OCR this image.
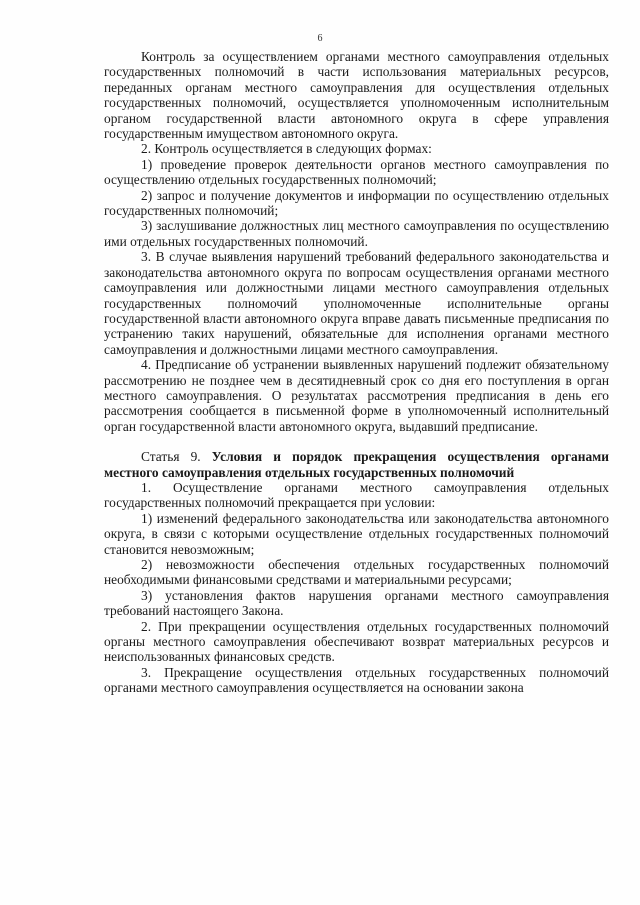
6

Контроль за осуществлением органами местного самоуправления отдельных государственных полномочий в части использования материальных ресурсов, переданных органам местного самоуправления для осуществления отдельных государственных полномочий, осуществляется уполномоченным исполнительным органом государственной власти автономного округа в сфере управления государственным имуществом автономного округа.

2. Контроль осуществляется в следующих формах:

1) проведение проверок деятельности органов местного самоуправления по осуществлению отдельных государственных полномочий;

2) запрос и получение документов и информации по осуществлению отдельных государственных полномочий;

3) заслушивание должностных лиц местного самоуправления по осуществлению ими отдельных государственных полномочий.

3. В случае выявления нарушений требований федерального законодательства и законодательства автономного округа по вопросам осуществления органами местного самоуправления или должностными лицами местного самоуправления отдельных государственных полномочий уполномоченные исполнительные органы государственной власти автономного округа вправе давать письменные предписания по устранению таких нарушений, обязательные для исполнения органами местного самоуправления и должностными лицами местного самоуправления.

4. Предписание об устранении выявленных нарушений подлежит обязательному рассмотрению не позднее чем в десятидневный срок со дня его поступления в орган местного самоуправления. О результатах рассмотрения предписания в день его рассмотрения сообщается в письменной форме в уполномоченный исполнительный орган государственной власти автономного округа, выдавший предписание.

Статья 9. Условия и порядок прекращения осуществления органами местного самоуправления отдельных государственных полномочий

1. Осуществление органами местного самоуправления отдельных государственных полномочий прекращается при условии:

1) изменений федерального законодательства или законодательства автономного округа, в связи с которыми осуществление отдельных государственных полномочий становится невозможным;

2) невозможности обеспечения отдельных государственных полномочий необходимыми финансовыми средствами и материальными ресурсами;

3) установления фактов нарушения органами местного самоуправления требований настоящего Закона.

2. При прекращении осуществления отдельных государственных полномочий органы местного самоуправления обеспечивают возврат материальных ресурсов и неиспользованных финансовых средств.

3. Прекращение осуществления отдельных государственных полномочий органами местного самоуправления осуществляется на основании закона
